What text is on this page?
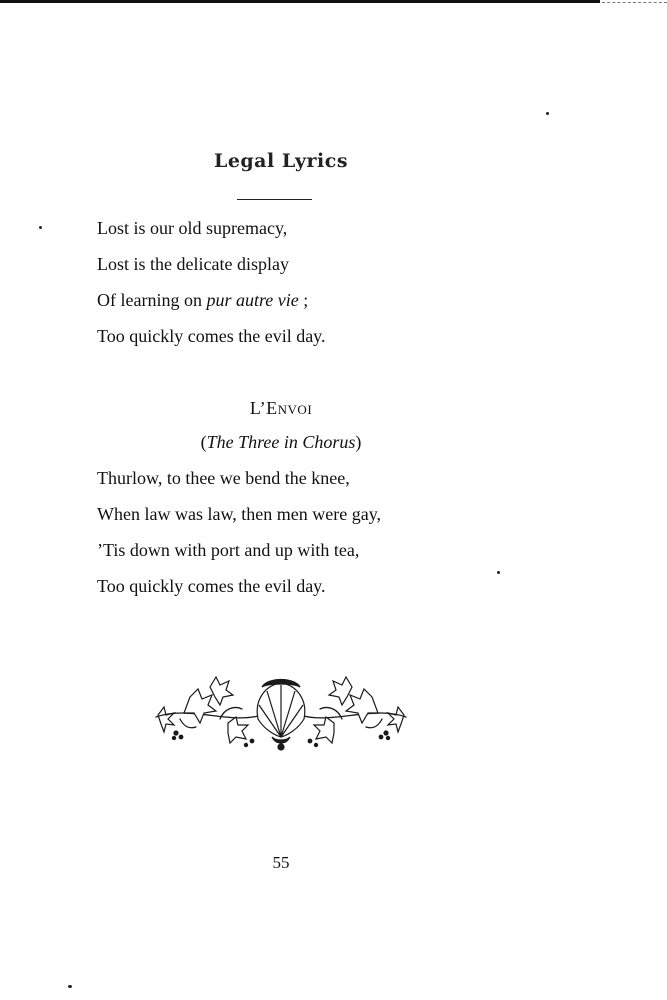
Legal Lyrics
Lost is our old supremacy,
Lost is the delicate display
Of learning on pur autre vie ;
Too quickly comes the evil day.
L’Envoi
(The Three in Chorus)
Thurlow, to thee we bend the knee,
When law was law, then men were gay,
’Tis down with port and up with tea,
Too quickly comes the evil day.
55
